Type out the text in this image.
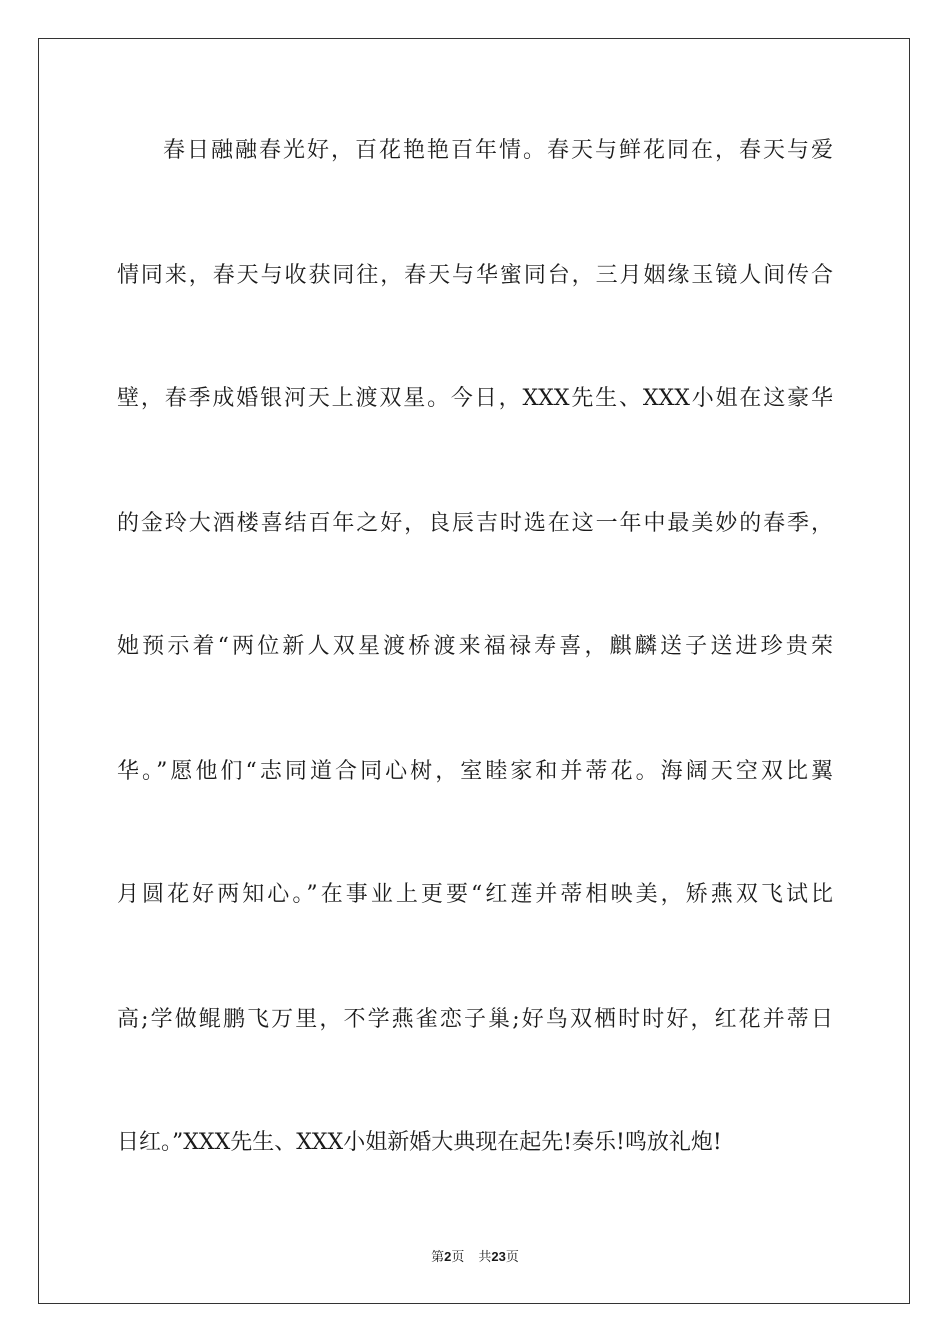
春日融融春光好，百花艳艳百年情。春天与鲜花同在，春天与爱
情同来，春天与收获同往，春天与华蜜同台，三月姻缘玉镜人间传合
壁，春季成婚银河天上渡双星。今日，XXX先生、XXX小姐在这豪华
的金玲大酒楼喜结百年之好，良辰吉时选在这一年中最美妙的春季，
她预示着“两位新人双星渡桥渡来福禄寿喜，麒麟送子送进珍贵荣
华。”愿他们“志同道合同心树，室睦家和并蒂花。海阔天空双比翼
月圆花好两知心。”在事业上更要“红莲并蒂相映美，矫燕双飞试比
高;学做鲲鹏飞万里，不学燕雀恋子巢;好鸟双栖时时好，红花并蒂日
日红。”XXX先生、XXX小姐新婚大典现在起先!奏乐!鸣放礼炮!
第2页 共23页
